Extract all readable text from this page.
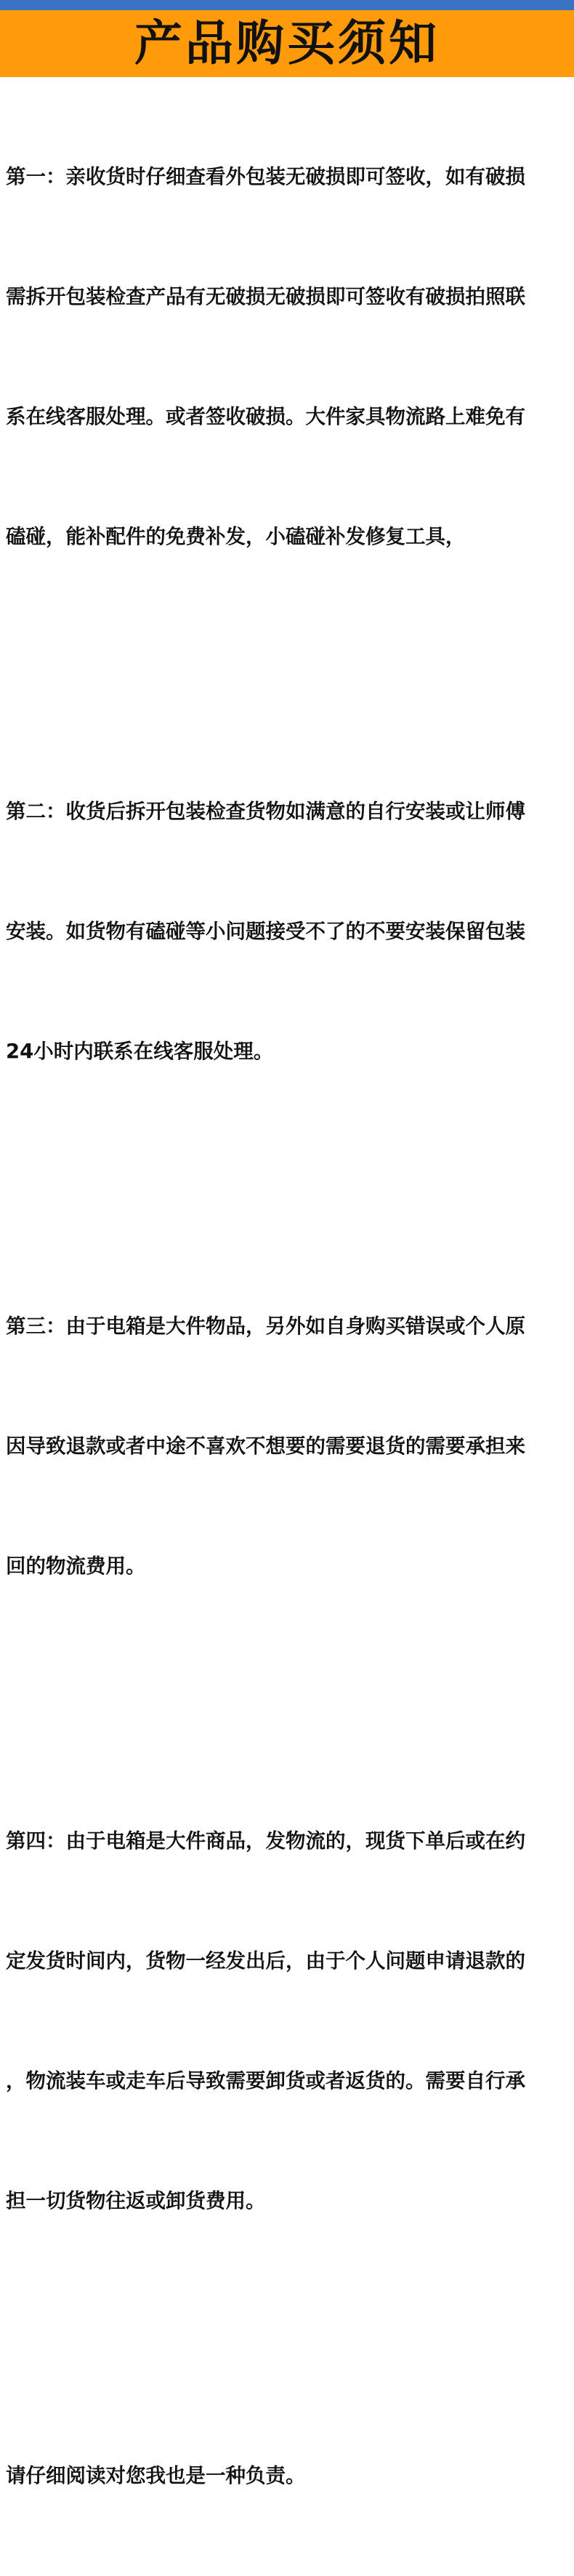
产品购买须知

第一：亲收货时仔细查看外包装无破损即可签收，如有破损

需拆开包装检查产品有无破损无破损即可签收有破损拍照联

系在线客服处理。或者签收破损。大件家具物流路上难免有

磕碰，能补配件的免费补发，小磕碰补发修复工具，

第二：收货后拆开包装检查货物如满意的自行安装或让师傅

安装。如货物有磕碰等小问题接受不了的不要安装保留包装

24小时内联系在线客服处理。

第三：由于电箱是大件物品，另外如自身购买错误或个人原

因导致退款或者中途不喜欢不想要的需要退货的需要承担来

回的物流费用。

第四：由于电箱是大件商品，发物流的，现货下单后或在约

定发货时间内，货物一经发出后，由于个人问题申请退款的

，物流装车或走车后导致需要卸货或者返货的。需要自行承

担一切货物往返或卸货费用。

请仔细阅读对您我也是一种负责。
